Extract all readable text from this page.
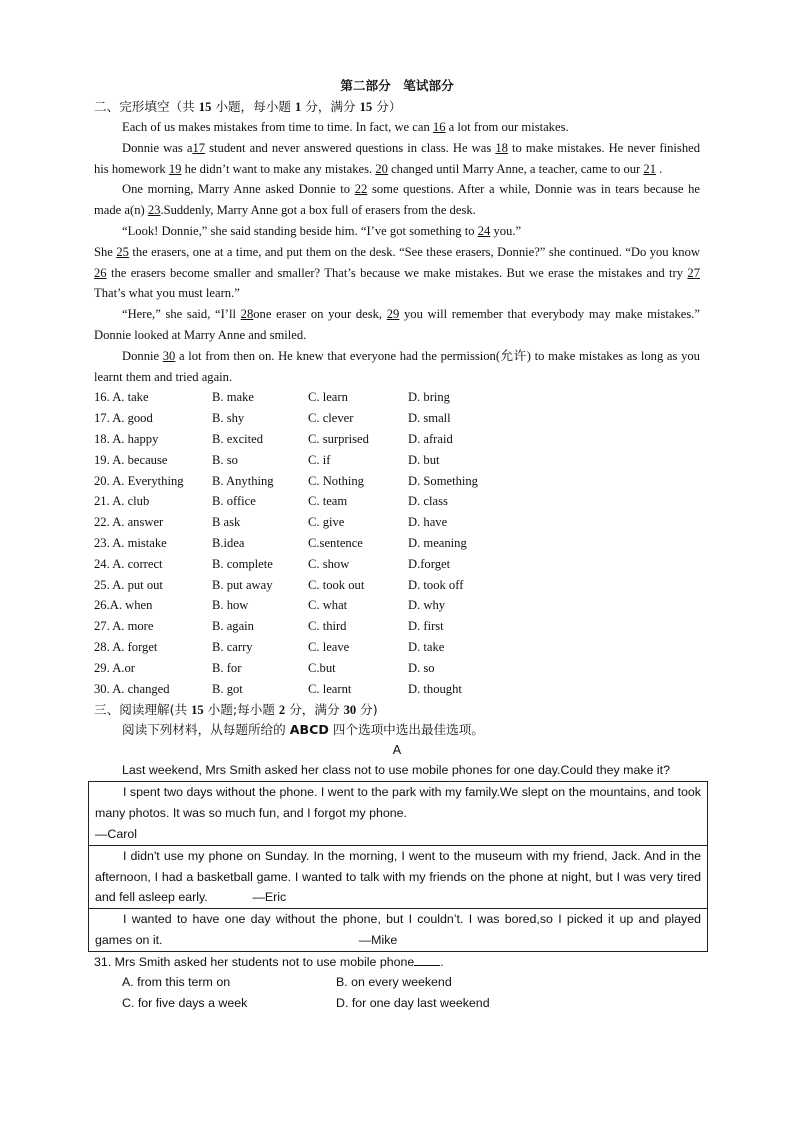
第二部分　笔试部分
二、完形填空（共 15 小题，每小题 1 分，满分 15 分）

Each of us makes mistakes from time to time. In fact, we can 16 a lot from our mistakes.

Donnie was a17 student and never answered questions in class. He was 18 to make mistakes. He never finished his homework 19 he didn’t want to make any mistakes. 20 changed until Marry Anne, a teacher, came to our 21 .

One morning, Marry Anne asked Donnie to 22 some questions. After a while, Donnie was in tears because he made a(n) 23.Suddenly, Marry Anne got a box full of erasers from the desk.

“Look! Donnie,” she said standing beside him. “I’ve got something to 24 you.”

She 25 the erasers, one at a time, and put them on the desk. “See these erasers, Donnie?” she continued. “Do you know 26 the erasers become smaller and smaller? That’s because we make mistakes. But we erase the mistakes and try 27 That’s what you must learn.”

“Here,” she said, “I’ll 28one eraser on your desk, 29 you will remember that everybody may make mistakes.” Donnie looked at Marry Anne and smiled.

Donnie 30 a lot from then on. He knew that everyone had the permission(允许) to make mistakes as long as you learnt them and tried again.

16. A. take	B. make	C. learn	D. bring
17. A. good	B. shy	C. clever	D. small
18. A. happy	B. excited	C. surprised	D. afraid
19. A. because	B. so	C. if	D. but
20. A. Everything	B. Anything	C. Nothing	D. Something
21. A. club	B. office	C. team	D. class
22. A. answer	B ask	C. give	D. have
23. A. mistake	B.idea	C.sentence	D. meaning
24. A. correct	B. complete	C. show	D.forget
25. A. put out	B. put away	C. took out	D. took off
26.A. when	B. how	C. what	D. why
27. A. more	B. again	C. third	D. first
28. A. forget	B. carry	C. leave	D. take
29. A.or	B. for	C.but	D. so
30. A. changed	B. got	C. learnt	D. thought
三、阅读理解(共 15 小题;每小题 2 分，满分 30 分)
阅读下列材料，从每题所给的 ABCD 四个选项中选出最佳选项。
A
Last weekend, Mrs Smith asked her class not to use mobile phones for one day.Could they make it?

I spent two days without the phone. I went to the park with my family.We slept on the mountains, and took many photos. It was so much fun, and I forgot my phone.

—Carol

I didn't use my phone on Sunday. In the morning, I went to the museum with my friend, Jack. And in the afternoon, I had a basketball game. I wanted to talk with my friends on the phone at night, but I was very tired and fell asleep early.	—Eric

I wanted to have one day without the phone, but I couldn’t. I was bored,so I picked it up and played games on it.	—Mike

31. Mrs Smith asked her students not to use mobile phone .
A. from this term on	B. on every weekend
C. for five days a week	D. for one day last weekend
